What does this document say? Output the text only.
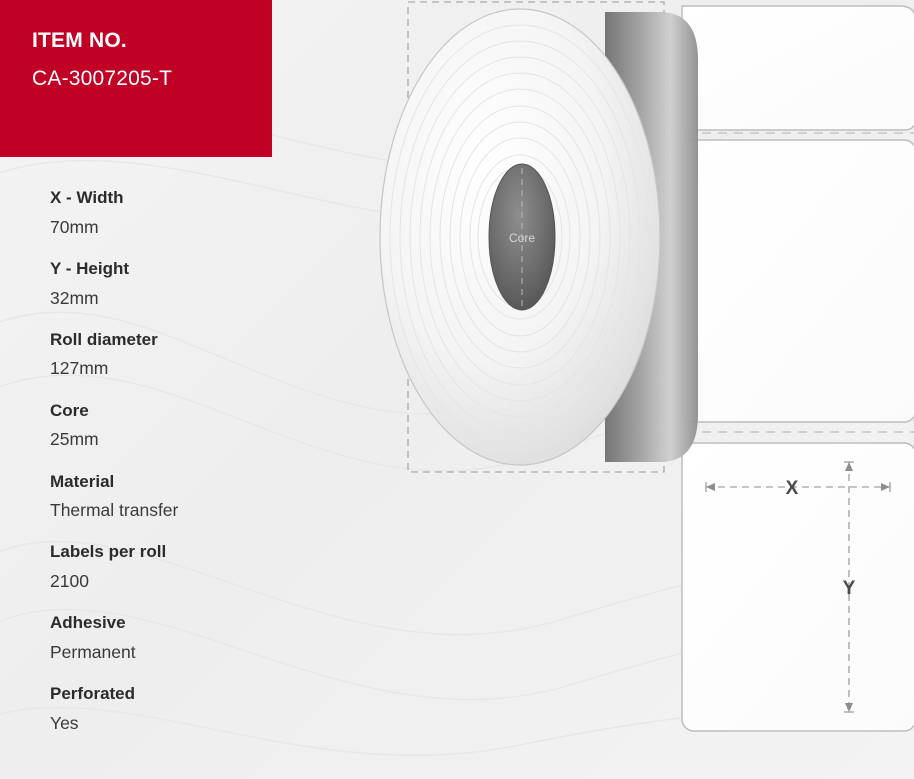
ITEM NO.
CA-3007205-T
X - Width
70mm
Y - Height
32mm
Roll diameter
127mm
Core
25mm
Material
Thermal transfer
Labels per roll
2100
Adhesive
Permanent
Perforated
Yes
Core
X
Y
